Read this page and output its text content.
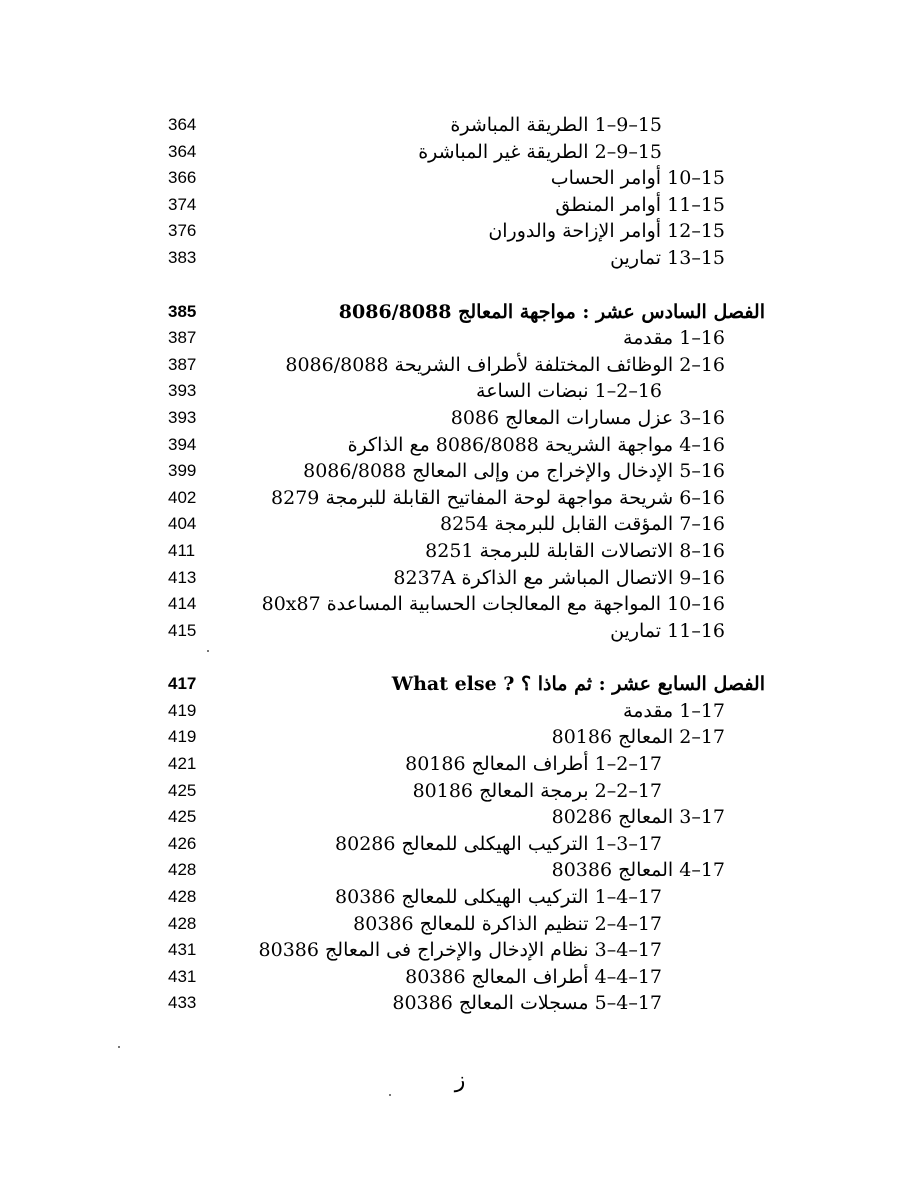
364	15–9–1 الطريقة المباشرة
364	15–9–2 الطريقة غير المباشرة
366	15–10 أوامر الحساب
374	15–11 أوامر المنطق
376	15–12 أوامر الإزاحة والدوران
383	15–13 تمارين
385	الفصل السادس عشر : مواجهة المعالج 8086/8088
387	16–1 مقدمة
387	16–2 الوظائف المختلفة لأطراف الشريحة 8086/8088
393	16–2–1 نبضات الساعة
393	16–3 عزل مسارات المعالج 8086
394	16–4 مواجهة الشريحة 8086/8088 مع الذاكرة
399	16–5 الإدخال والإخراج من وإلى المعالج 8086/8088
402	16–6 شريحة مواجهة لوحة المفاتيح القابلة للبرمجة 8279
404	16–7 المؤقت القابل للبرمجة 8254
411	16–8 الاتصالات القابلة للبرمجة 8251
413	16–9 الاتصال المباشر مع الذاكرة 8237A
414	16–10 المواجهة مع المعالجات الحسابية المساعدة 80x87
415	16–11 تمارين
417	الفصل السابع عشر : ثم ماذا ؟ ? What else
419	17–1 مقدمة
419	17–2 المعالج 80186
421	17–2–1 أطراف المعالج 80186
425	17–2–2 برمجة المعالج 80186
425	17–3 المعالج 80286
426	17–3–1 التركيب الهيكلى للمعالج 80286
428	17–4 المعالج 80386
428	17–4–1 التركيب الهيكلى للمعالج 80386
428	17–4–2 تنظيم الذاكرة للمعالج 80386
431	17–4–3 نظام الإدخال والإخراج فى المعالج 80386
431	17–4–4 أطراف المعالج 80386
433	17–4–5 مسجلات المعالج 80386
ز
